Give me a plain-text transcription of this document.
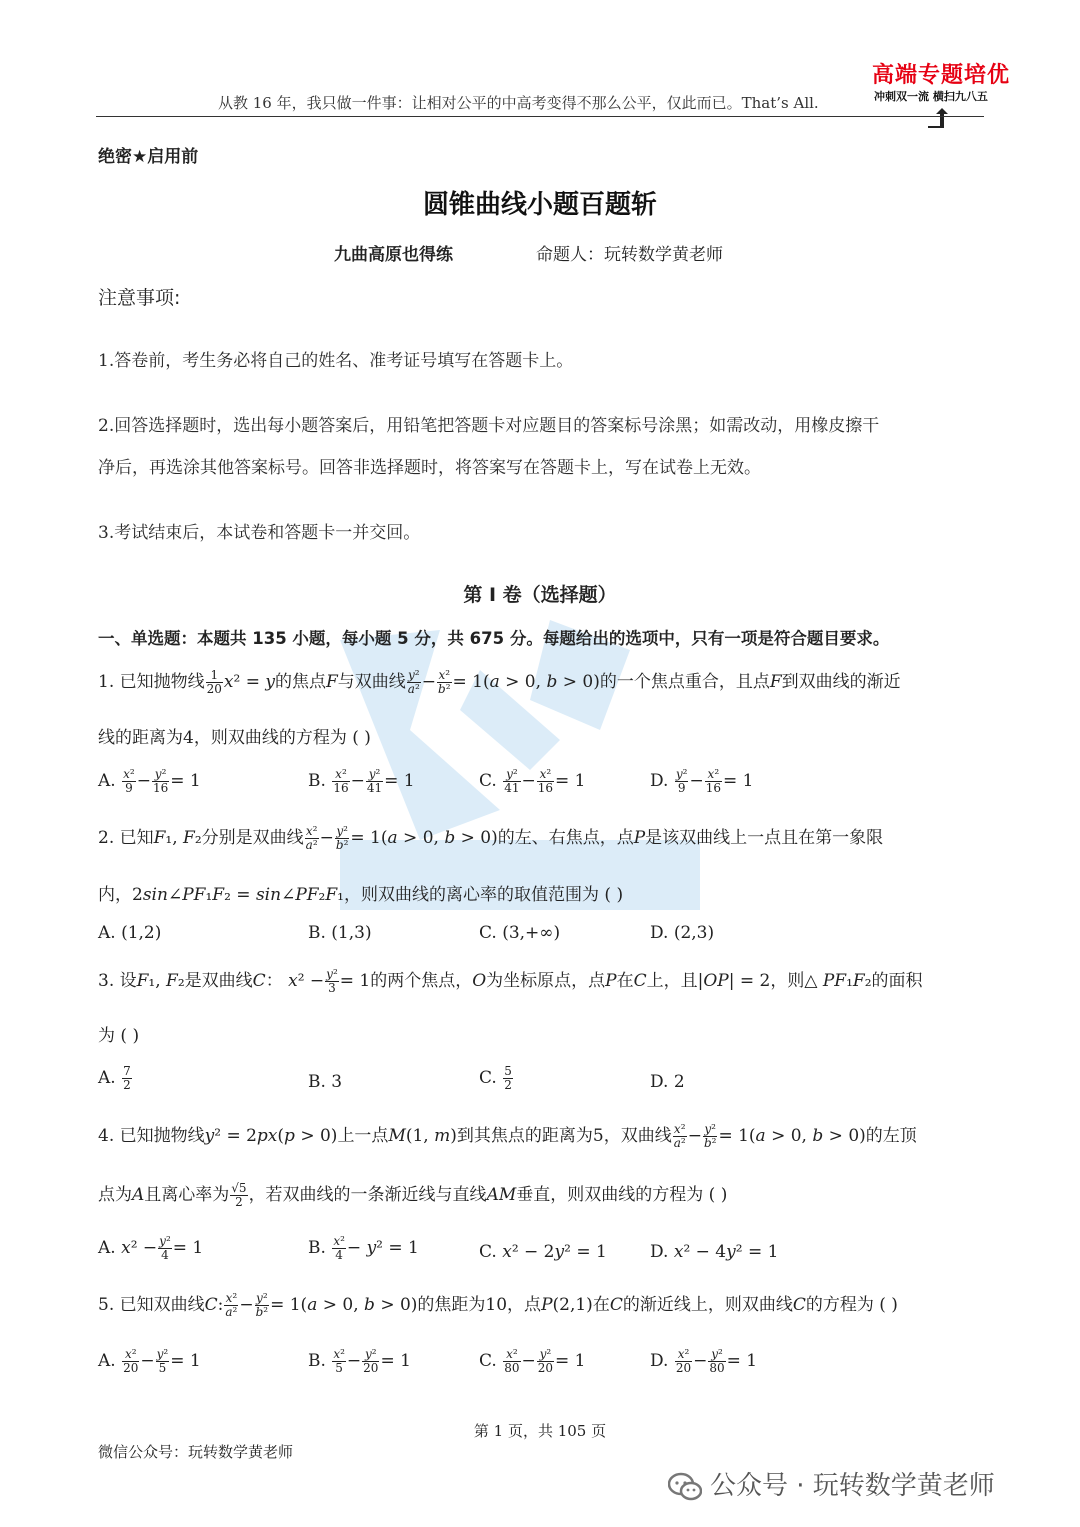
从教 16 年，我只做一件事：让相对公平的中高考变得不那么公平，仅此而已。That’s All.
高端专题培优
冲刺双一流 横扫九八五
绝密★启用前
圆锥曲线小题百题斩
九曲高原也得练	命题人：玩转数学黄老师
注意事项:
1.答卷前，考生务必将自己的姓名、准考证号填写在答题卡上。
2.回答选择题时，选出每小题答案后，用铅笔把答题卡对应题目的答案标号涂黑；如需改动，用橡皮擦干
净后，再选涂其他答案标号。回答非选择题时，将答案写在答题卡上，写在试卷上无效。
3.考试结束后，本试卷和答题卡一并交回。
第 I 卷（选择题）
一、单选题：本题共 135 小题，每小题 5 分，共 675 分。每题给出的选项中，只有一项是符合题目要求。
1. 已知抛物线 $\frac{1}{20} x^2 = y$的焦点F与双曲线 $\frac{\text{y²}}{\text{a²}} - \frac{\text{x²}}{\text{b²}} = 1(a > 0$, b > 0)的一个焦点重合，且点F到双曲线的渐近
线的距离为4，则双曲线的方程为 ( )
A. $\frac{\text{x²}}{9} - \frac{\text{y²}}{16} = 1$	B. $\frac{\text{x²}}{16} - \frac{\text{y²}}{41} = 1$	C. $\frac{\text{y²}}{41} - \frac{\text{x²}}{16} = 1$	D. $\frac{\text{y²}}{9} - \frac{\text{x²}}{16} = 1$
2. 已知F₁, F₂分别是双曲线 $\frac{\text{x²}}{\text{a²}} - \frac{\text{y²}}{\text{b²}} = 1(a > 0$, b > 0)的左、右焦点，点P是该双曲线上一点且在第一象限
内，2sin∠PF₁F₂ = sin∠PF₂F₁，则双曲线的离心率的取值范围为 ( )
A. (1,2)	B. (1,3)	C. (3,+∞)	D. (2,3)
3. 设F₁, F₂是双曲线C： $x^2 - \frac{\text{y²}}{3} = 1$的两个焦点，O为坐标原点，点P在C上，且|OP| = 2，则△ PF₁F₂的面积
为 ( )
A. $\frac{7}{2}$	B. 3	C. $\frac{5}{2}$	D. 2
4. 已知抛物线y² = 2px(p > 0)上一点M(1, m)到其焦点的距离为5，双曲线 $\frac{\text{x²}}{\text{a²}} - \frac{\text{y²}}{\text{b²}} = 1(a > 0$, b > 0)的左顶
点为A且离心率为 $\frac{√5}{2}$ ，若双曲线的一条渐近线与直线AM垂直，则双曲线的方程为 ( )
A. $x^2 - \frac{\text{y²}}{4} = 1$	B. $\frac{\text{x²}}{4} - y^2 = 1$	C. x² − 2y² = 1	D. x² − 4y² = 1
5. 已知双曲线C: $\frac{\text{x²}}{\text{a²}} - \frac{\text{y²}}{\text{b²}} = 1(a > 0$, b > 0)的焦距为10，点P(2,1)在C的渐近线上，则双曲线C的方程为 ( )
A. $\frac{\text{x²}}{20} - \frac{\text{y²}}{5} = 1$	B. $\frac{\text{x²}}{5} - \frac{\text{y²}}{20} = 1$	C. $\frac{\text{x²}}{80} - \frac{\text{y²}}{20} = 1$	D. $\frac{\text{x²}}{20} - \frac{\text{y²}}{80} = 1$
第 1 页，共 105 页
微信公众号：玩转数学黄老师
公众号 · 玩转数学黄老师
